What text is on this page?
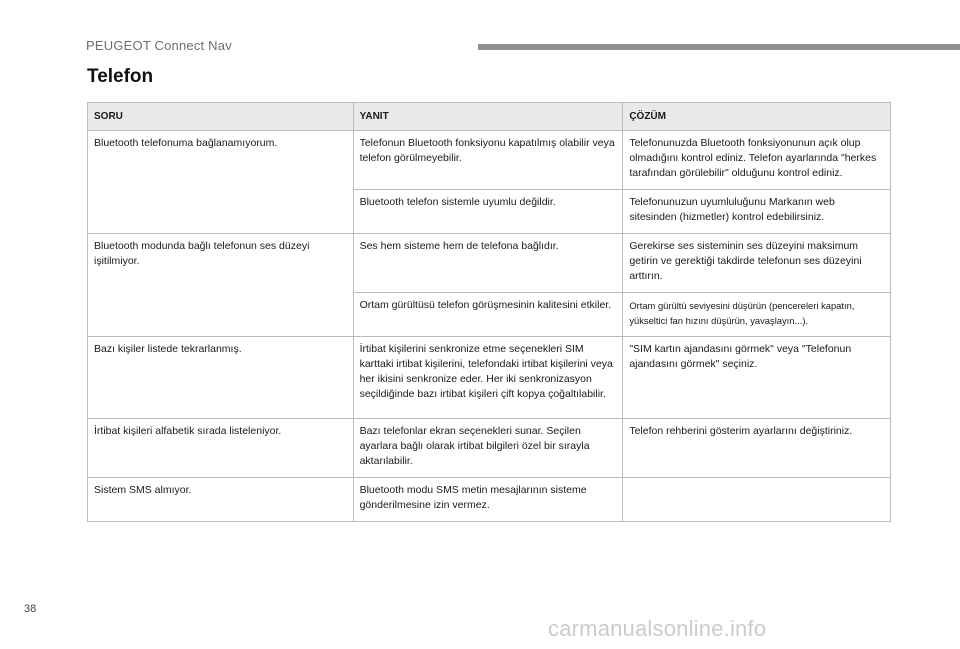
PEUGEOT Connect Nav
Telefon
SORU	YANIT	ÇÖZÜM
Bluetooth telefonuma bağlanamıyorum.	Telefonun Bluetooth fonksiyonu kapatılmış olabilir veya telefon görülmeyebilir.	Telefonunuzda Bluetooth fonksiyonunun açık olup olmadığını kontrol ediniz. Telefon ayarlarında "herkes tarafından görülebilir" olduğunu kontrol ediniz.
	Bluetooth telefon sistemle uyumlu değildir.	Telefonunuzun uyumluluğunu Markanın web sitesinden (hizmetler) kontrol edebilirsiniz.
Bluetooth modunda bağlı telefonun ses düzeyi işitilmiyor.	Ses hem sisteme hem de telefona bağlıdır.	Gerekirse ses sisteminin ses düzeyini maksimum getirin ve gerektiği takdirde telefonun ses düzeyini arttırın.
	Ortam gürültüsü telefon görüşmesinin kalitesini etkiler.	Ortam gürültü seviyesini düşürün (pencereleri kapatın, yükseltici fan hızını düşürün, yavaşlayın...).
Bazı kişiler listede tekrarlanmış.	İrtibat kişilerini senkronize etme seçenekleri SIM karttaki irtibat kişilerini, telefondaki irtibat kişilerini veya her ikisini senkronize eder. Her iki senkronizasyon seçildiğinde bazı irtibat kişileri çift kopya çoğaltılabilir.	"SIM kartın ajandasını görmek" veya "Telefonun ajandasını görmek" seçiniz.
İrtibat kişileri alfabetik sırada listeleniyor.	Bazı telefonlar ekran seçenekleri sunar. Seçilen ayarlara bağlı olarak irtibat bilgileri özel bir sırayla aktarılabilir.	Telefon rehberini gösterim ayarlarını değiştiriniz.
Sistem SMS almıyor.	Bluetooth modu SMS metin mesajlarının sisteme gönderilmesine izin vermez.	
38
carmanualsonline.info
